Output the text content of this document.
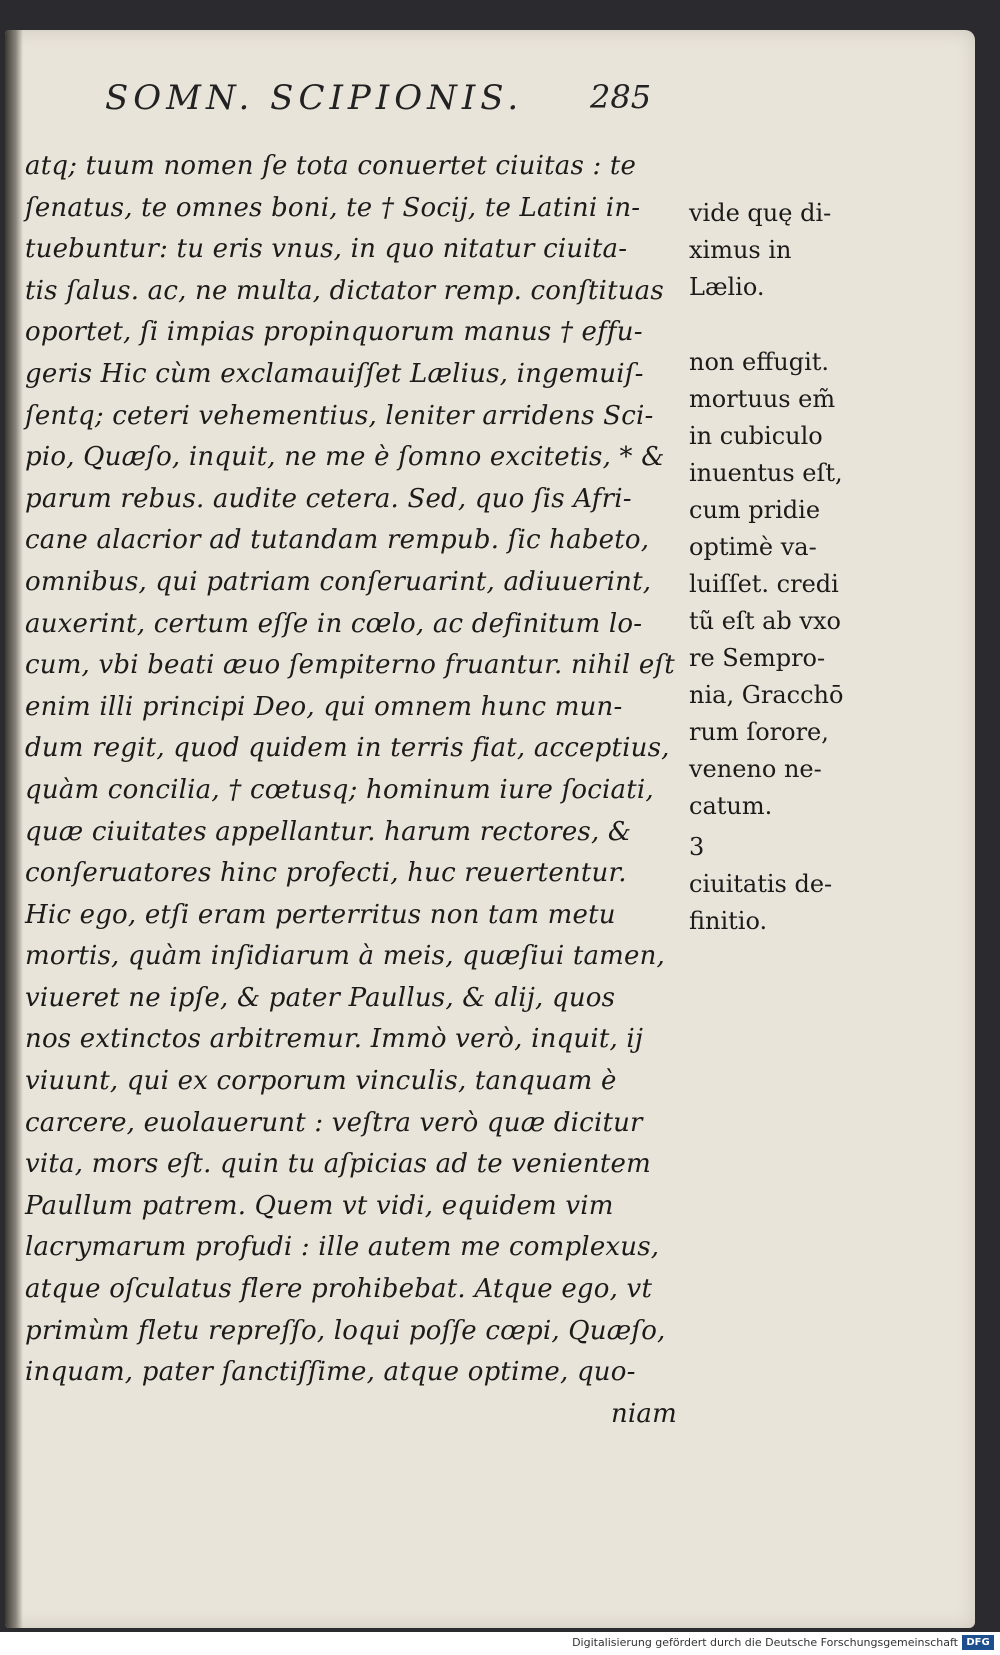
SOMN. SCIPIONIS. 285
atq; tuum nomen ſe tota conuertet ciuitas : te
ſenatus, te omnes boni, te † Socij, te Latini in-
tuebuntur: tu eris vnus, in quo nitatur ciuita-
tis ſalus. ac, ne multa, dictator remp. conſtituas
oportet, ſi impias propinquorum manus † effu-
geris Hic cùm exclamauiſſet Lælius, ingemuiſ-
ſentq; ceteri vehementius, leniter arridens Sci-
pio, Quæſo, inquit, ne me è ſomno excitetis, * &
parum rebus. audite cetera. Sed, quo ſis Afri-
cane alacrior ad tutandam rempub. ſic habeto,
omnibus, qui patriam conſeruarint, adiuuerint,
auxerint, certum eſſe in cœlo, ac definitum lo-
cum, vbi beati æuo ſempiterno fruantur. nihil eſt
enim illi principi Deo, qui omnem hunc mun-
dum regit, quod quidem in terris fiat, acceptius,
quàm concilia, † cœtusq; hominum iure ſociati,
quæ ciuitates appellantur. harum rectores, &
conſeruatores hinc profecti, huc reuertentur.
Hic ego, etſi eram perterritus non tam metu
mortis, quàm inſidiarum à meis, quæſiui tamen,
viueret ne ipſe, & pater Paullus, & alij, quos
nos extinctos arbitremur. Immò verò, inquit, ij
viuunt, qui ex corporum vinculis, tanquam è
carcere, euolauerunt : veſtra verò quæ dicitur
vita, mors eſt. quin tu aſpicias ad te venientem
Paullum patrem. Quem vt vidi, equidem vim
lacrymarum profudi : ille autem me complexus,
atque oſculatus flere prohibebat. Atque ego, vt
primùm fletu repreſſo, loqui poſſe cœpi, Quæſo,
inquam, pater ſanctiſſime, atque optime, quo-
niam
vide quę di-
ximus in
Lælio.
non effugit.
mortuus em̃
in cubiculo
inuentus eſt,
cum pridie
optimè va-
luiſſet. credi
tũ eſt ab vxo
re Sempro-
nia, Gracchō
rum ſorore,
veneno ne-
catum.
3
ciuitatis de-
finitio.
Digitalisierung gefördert durch die Deutsche Forschungsgemeinschaft DFG
